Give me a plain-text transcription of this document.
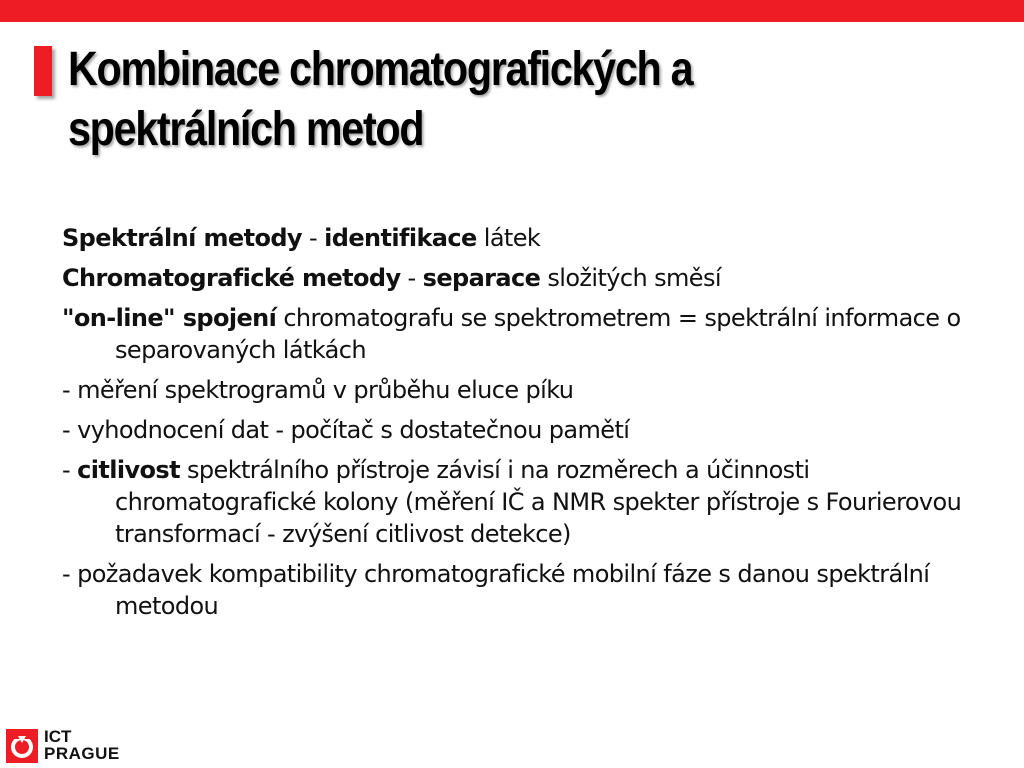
Kombinace chromatografických a
spektrálních metod

Spektrální metody - identifikace látek

Chromatografické metody - separace složitých směsí

"on-line" spojení chromatografu se spektrometrem = spektrální informace o separovaných látkách

- měření spektrogramů v průběhu eluce píku

- vyhodnocení dat - počítač s dostatečnou pamětí

- citlivost spektrálního přístroje závisí i na rozměrech a účinnosti chromatografické kolony (měření IČ a NMR spekter přístroje s Fourierovou transformací - zvýšení citlivost detekce)

- požadavek kompatibility chromatografické mobilní fáze s danou spektrální metodou

ICT
PRAGUE
